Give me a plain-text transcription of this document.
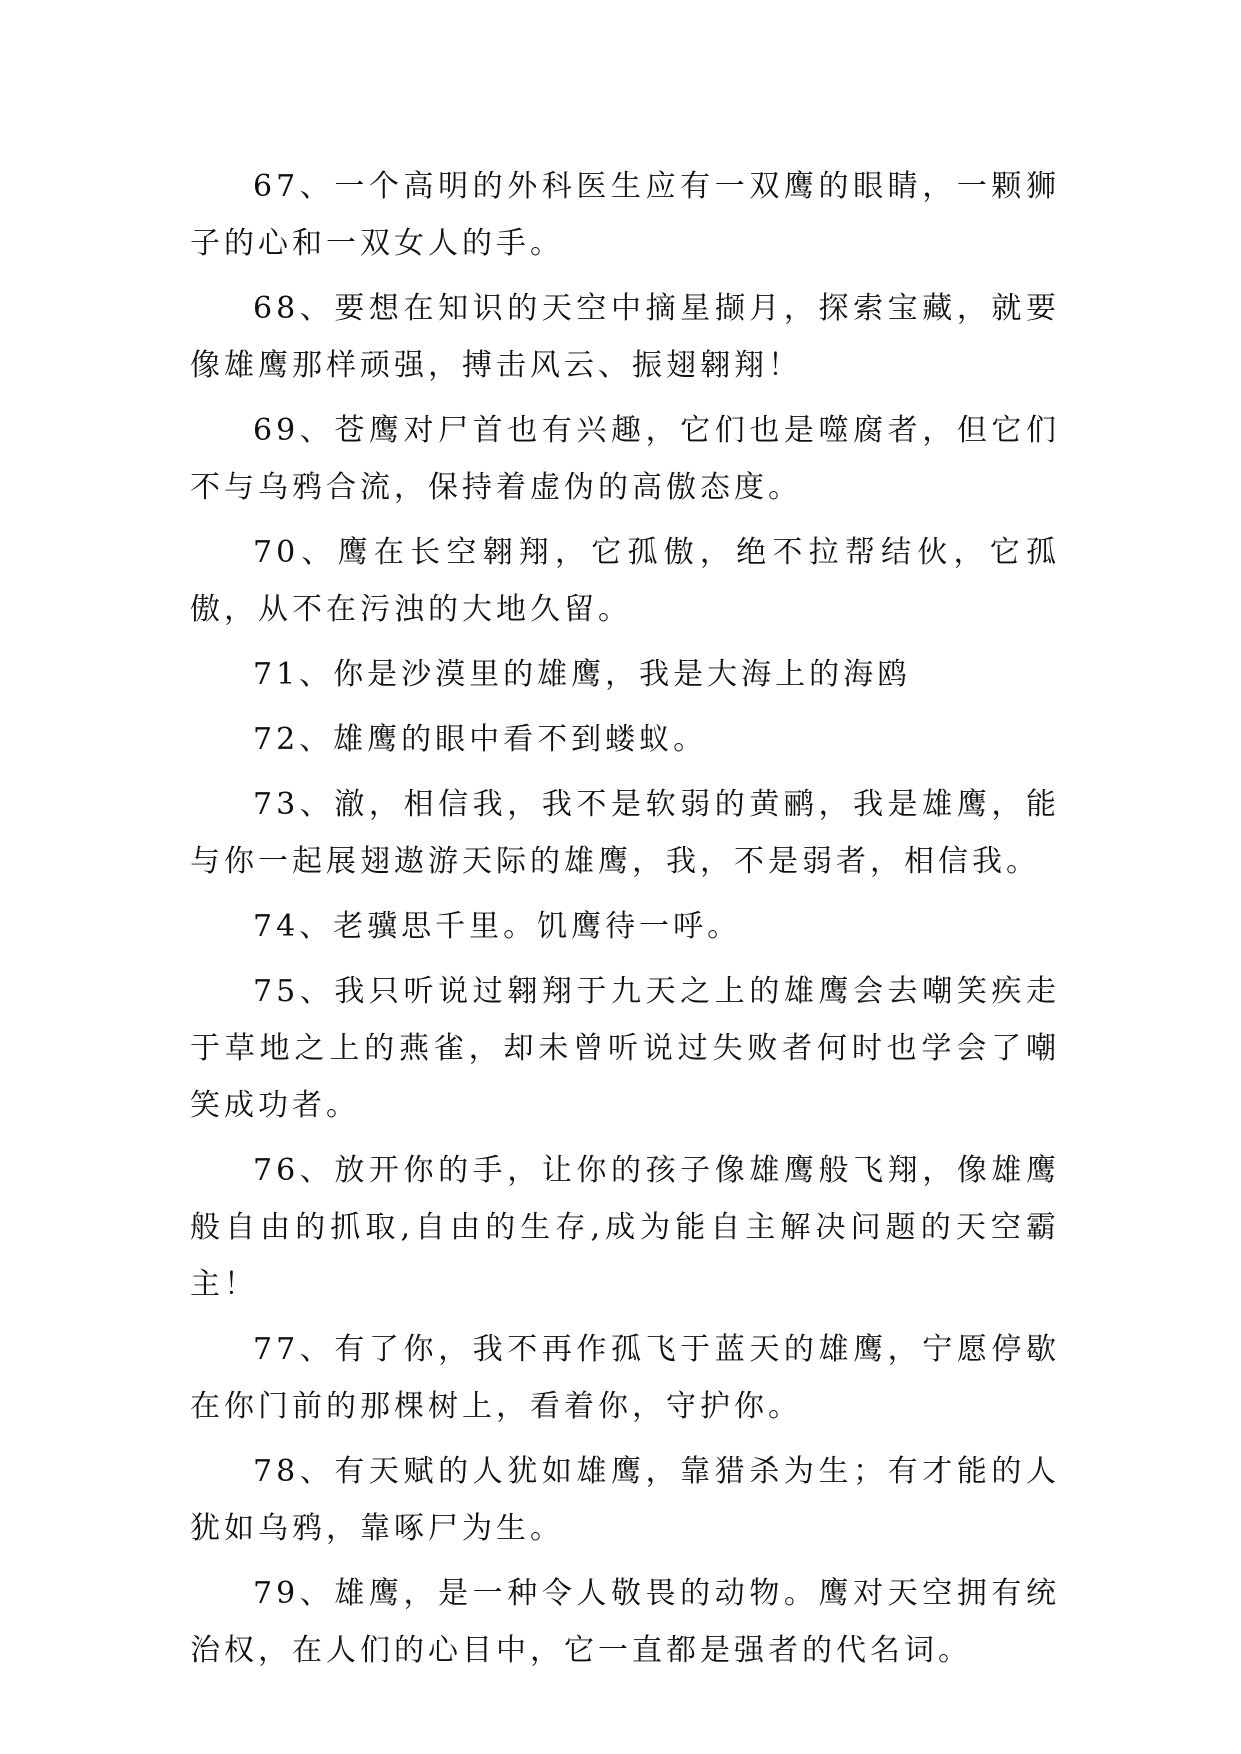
67、一个高明的外科医生应有一双鹰的眼睛，一颗狮子的心和一双女人的手。

68、要想在知识的天空中摘星撷月，探索宝藏，就要像雄鹰那样顽强，搏击风云、振翅翱翔！

69、苍鹰对尸首也有兴趣，它们也是噬腐者，但它们不与乌鸦合流，保持着虚伪的高傲态度。

70、鹰在长空翱翔，它孤傲，绝不拉帮结伙，它孤傲，从不在污浊的大地久留。

71、你是沙漠里的雄鹰，我是大海上的海鸥

72、雄鹰的眼中看不到蝼蚁。

73、澈，相信我，我不是软弱的黄鹂，我是雄鹰，能与你一起展翅遨游天际的雄鹰，我，不是弱者，相信我。

74、老骥思千里。饥鹰待一呼。

75、我只听说过翱翔于九天之上的雄鹰会去嘲笑疾走于草地之上的燕雀，却未曾听说过失败者何时也学会了嘲笑成功者。

76、放开你的手，让你的孩子像雄鹰般飞翔，像雄鹰般自由的抓取,自由的生存,成为能自主解决问题的天空霸主！

77、有了你，我不再作孤飞于蓝天的雄鹰，宁愿停歇在你门前的那棵树上，看着你，守护你。

78、有天赋的人犹如雄鹰，靠猎杀为生；有才能的人犹如乌鸦，靠啄尸为生。

79、雄鹰，是一种令人敬畏的动物。鹰对天空拥有统治权，在人们的心目中，它一直都是强者的代名词。
